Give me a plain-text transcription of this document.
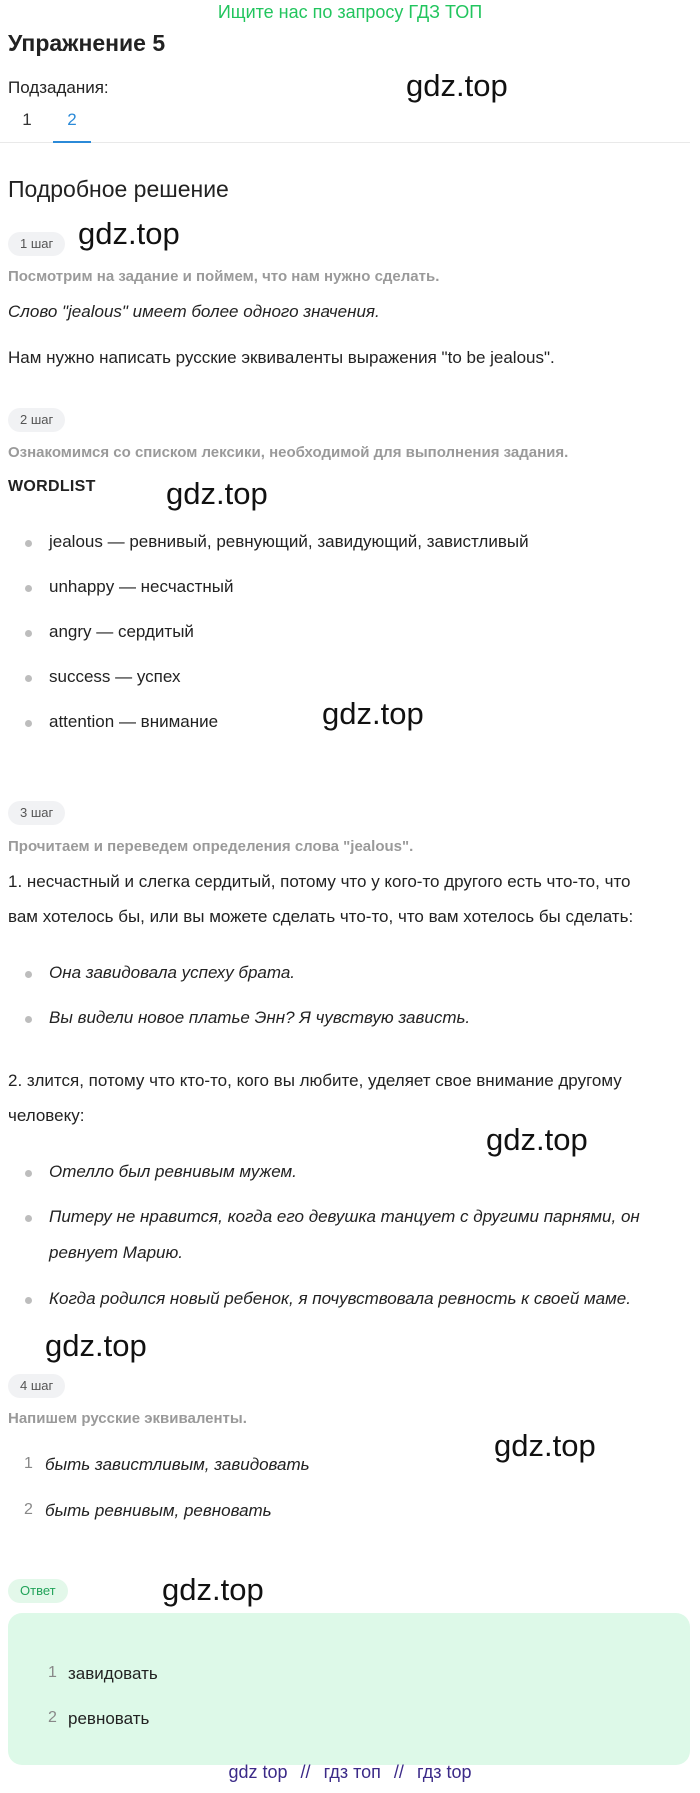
Ищите нас по запросу ГДЗ ТОП
Упражнение 5
Подзадания:	gdz.top
1	2
Подробное решение
1 шаг gdz.top
Посмотрим на задание и поймем, что нам нужно сделать.
Слово "jealous" имеет более одного значения.
Нам нужно написать русские эквиваленты выражения "to be jealous".
2 шаг
Ознакомимся со списком лексики, необходимой для выполнения задания.
WORDLIST gdz.top
jealous — ревнивый, ревнующий, завидующий, завистливый
unhappy — несчастный
angry — сердитый
success — успех
attention — внимание	gdz.top
3 шаг
Прочитаем и переведем определения слова "jealous".
1. несчастный и слегка сердитый, потому что у кого-то другого есть что-то, что
вам хотелось бы, или вы можете сделать что-то, что вам хотелось бы сделать:
Она завидовала успеху брата.
Вы видели новое платье Энн? Я чувствую зависть.
2. злится, потому что кто-то, кого вы любите, уделяет свое внимание другому
человеку:
gdz.top
Отелло был ревнивым мужем.
Питеру не нравится, когда его девушка танцует с другими парнями, он
ревнует Марию.
Когда родился новый ребенок, я почувствовала ревность к своей маме.
gdz.top
4 шаг
Напишем русские эквиваленты.
gdz.top
1 быть завистливым, завидовать
2 быть ревнивым, ревновать
Ответ	gdz.top
1 завидовать
2 ревновать
gdz top // гдз топ // гдз top
